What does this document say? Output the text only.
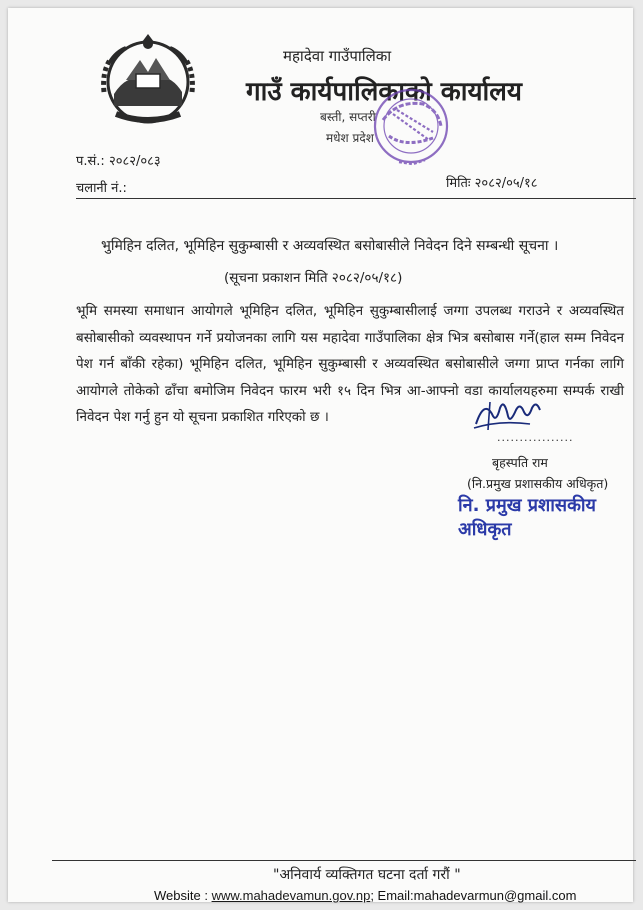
महादेवा गाउँपालिका
गाउँ कार्यपालिकाको कार्यालय
बस्ती, सप्तरी
मधेश प्रदेश
प.सं.: २०८२/०८३
चलानी नं.:	मितिः २०८२/०५/१८
भुमिहिन दलित, भूमिहिन सुकुम्बासी र अव्यवस्थित बसोबासीले निवेदन दिने सम्बन्धी सूचना ।
(सूचना प्रकाशन मिति २०८२/०५/१८)
भूमि समस्या समाधान आयोगले भूमिहिन दलित, भूमिहिन सुकुम्बासीलाई जग्गा उपलब्ध गराउने र अव्यवस्थित बसोबासीको व्यवस्थापन गर्ने प्रयोजनका लागि यस महादेवा गाउँपालिका क्षेत्र भित्र बसोबास गर्ने(हाल सम्म निवेदन पेश गर्न बाँकी रहेका) भूमिहिन दलित, भूमिहिन सुकुम्बासी र अव्यवस्थित बसोबासीले जग्गा प्राप्त गर्नका लागि आयोगले तोकेको ढाँचा बमोजिम निवेदन फारम भरी १५ दिन भित्र आ-आफ्नो वडा कार्यालयहरुमा सम्पर्क राखी निवेदन पेश गर्नु हुन यो सूचना प्रकाशित गरिएको छ ।
.................
बृहस्पति राम
(नि.प्रमुख प्रशासकीय अधिकृत)
नि. प्रमुख प्रशासकीय अधिकृत
"अनिवार्य व्यक्तिगत घटना दर्ता गरौं "
Website : www.mahadevamun.gov.np; Email:mahadevarmun@gmail.com
